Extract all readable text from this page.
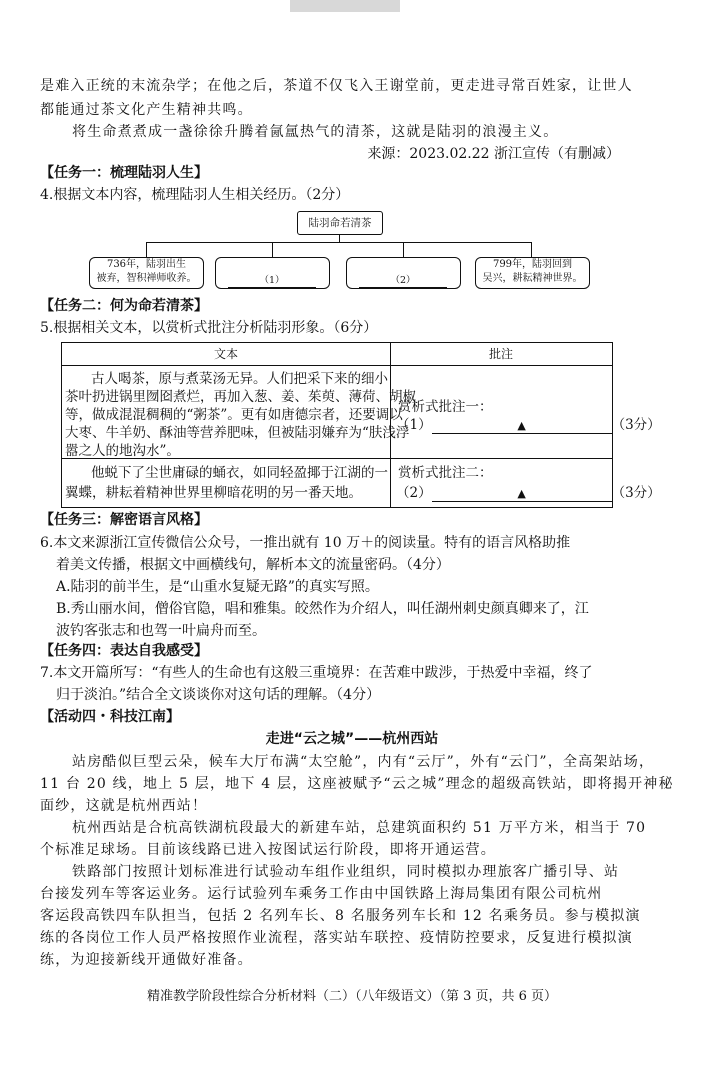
是难入正统的末流杂学；在他之后，茶道不仅飞入王谢堂前，更走进寻常百姓家，让世人
都能通过茶文化产生精神共鸣。
将生命煮煮成一盏徐徐升腾着氤氲热气的清茶，这就是陆羽的浪漫主义。
来源：2023.02.22 浙江宣传（有删减）
【任务一：梳理陆羽人生】
4.根据文本内容，梳理陆羽人生相关经历。（2分）
陆羽命若清茶
736年，陆羽出生
被弃，智积禅师收养。	（1）	（2）
799年，陆羽回到
吴兴，耕耘精神世界。
【任务二：何为命若清茶】
5.根据相关文本，以赏析式批注分析陆羽形象。（6分）
文本	批注
古人喝茶，原与煮菜汤无异。人们把采下来的细小
茶叶扔进锅里囫囵煮烂，再加入葱、姜、茱萸、薄荷、胡椒
等，做成混混稠稠的“粥茶”。更有如唐德宗者，还要调以
大枣、牛羊奶、酥油等营养肥味，但被陆羽嫌弃为“肤浅浮
嚣之人的地沟水”。
赏析式批注一：
（1）	▲	（3分）
他蜕下了尘世庸碌的蛹衣，如同轻盈揶于江湖的一
翼蝶，耕耘着精神世界里柳暗花明的另一番天地。
赏析式批注二：
（2）	▲	（3分）
【任务三：解密语言风格】
6.本文来源浙江宣传微信公众号，一推出就有 10 万＋的阅读量。特有的语言风格助推
着美文传播，根据文中画横线句，解析本文的流量密码。（4分）
A.陆羽的前半生，是“山重水复疑无路”的真实写照。
B.秀山丽水间，僧俗官隐，唱和雅集。皎然作为介绍人，叫任湖州刺史颜真卿来了，江
波钓客张志和也驾一叶扁舟而至。
【任务四：表达自我感受】
7.本文开篇所写：“有些人的生命也有这般三重境界：在苦难中跋涉，于热爱中幸福，终了
归于淡泊。”结合全文谈谈你对这句话的理解。（4分）
【活动四・科技江南】
走进“云之城”——杭州西站
站房酷似巨型云朵，候车大厅布满“太空舱”，内有“云厅”，外有“云门”，全高架站场，
11 台 20 线，地上 5 层，地下 4 层，这座被赋予“云之城”理念的超级高铁站，即将揭开神秘
面纱，这就是杭州西站！
杭州西站是合杭高铁湖杭段最大的新建车站，总建筑面积约 51 万平方米，相当于 70
个标准足球场。目前该线路已进入按图试运行阶段，即将开通运营。
铁路部门按照计划标准进行试验动车组作业组织，同时模拟办理旅客广播引导、站
台接发列车等客运业务。运行试验列车乘务工作由中国铁路上海局集团有限公司杭州
客运段高铁四车队担当，包括 2 名列车长、8 名服务列车长和 12 名乘务员。参与模拟演
练的各岗位工作人员严格按照作业流程，落实站车联控、疫情防控要求，反复进行模拟演
练，为迎接新线开通做好准备。
精准教学阶段性综合分析材料（二）（八年级语文）（第 3 页，共 6 页）
